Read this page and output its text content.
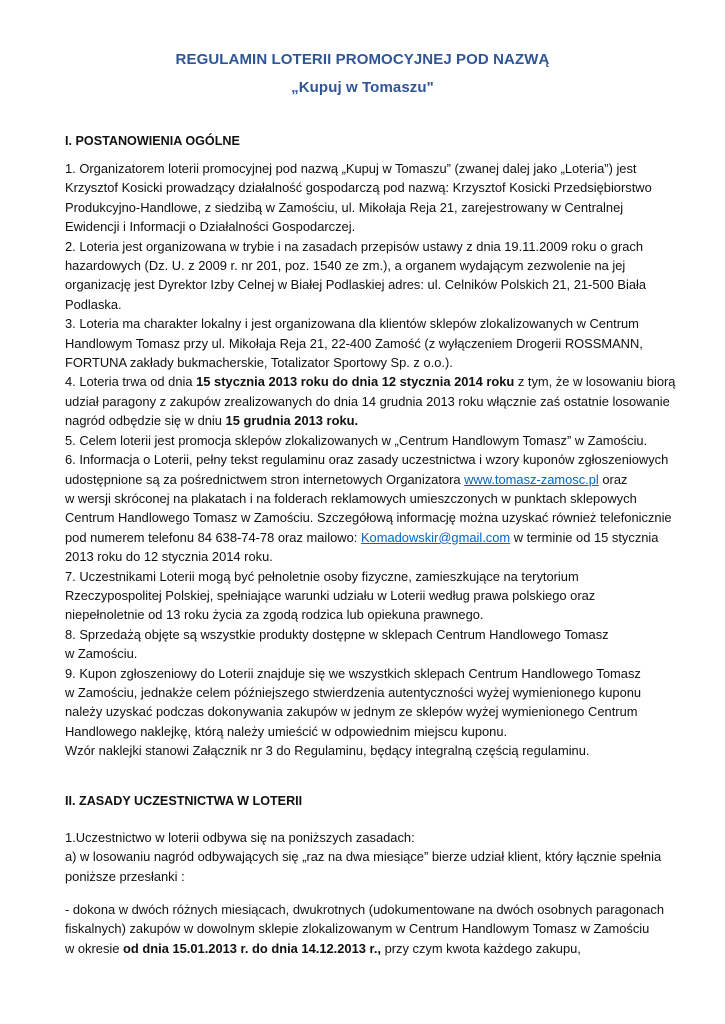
REGULAMIN LOTERII PROMOCYJNEJ POD NAZWĄ
„Kupuj w Tomaszu"
I. POSTANOWIENIA OGÓLNE

1. Organizatorem loterii promocyjnej pod nazwą „Kupuj w Tomaszu” (zwanej dalej jako „Loteria”) jest

Krzysztof Kosicki prowadzący działalność gospodarczą pod nazwą: Krzysztof Kosicki Przedsiębiorstwo

Produkcyjno-Handlowe, z siedzibą w Zamościu, ul. Mikołaja Reja 21, zarejestrowany w Centralnej

Ewidencji i Informacji o Działalności Gospodarczej.

2. Loteria jest organizowana w trybie i na zasadach przepisów ustawy z dnia 19.11.2009 roku o grach

hazardowych (Dz. U. z 2009 r. nr 201, poz. 1540 ze zm.), a organem wydającym zezwolenie na jej

organizację jest Dyrektor Izby Celnej w Białej Podlaskiej adres: ul. Celników Polskich 21, 21-500 Biała

Podlaska.

3. Loteria ma charakter lokalny i jest organizowana dla klientów sklepów zlokalizowanych w Centrum

Handlowym Tomasz przy ul. Mikołaja Reja 21, 22-400 Zamość (z wyłączeniem Drogerii ROSSMANN,

FORTUNA zakłady bukmacherskie, Totalizator Sportowy Sp. z o.o.).

4. Loteria trwa od dnia 15 stycznia 2013 roku do dnia 12 stycznia 2014 roku z tym, że w losowaniu biorą

udział paragony z zakupów zrealizowanych do dnia 14 grudnia 2013 roku włącznie zaś ostatnie losowanie

nagród odbędzie się w dniu 15 grudnia 2013 roku.

5. Celem loterii jest promocja sklepów zlokalizowanych w „Centrum Handlowym Tomasz” w Zamościu.

6. Informacja o Loterii, pełny tekst regulaminu oraz zasady uczestnictwa i wzory kuponów zgłoszeniowych

udostępnione są za pośrednictwem stron internetowych Organizatora www.tomasz-zamosc.pl oraz

w wersji skróconej na plakatach i na folderach reklamowych umieszczonych w punktach sklepowych

Centrum Handlowego Tomasz w Zamościu. Szczegółową informację można uzyskać również telefonicznie

pod numerem telefonu 84 638-74-78 oraz mailowo: Komadowskir@gmail.com w terminie od 15 stycznia

2013 roku do 12 stycznia 2014 roku.

7. Uczestnikami Loterii mogą być pełnoletnie osoby fizyczne, zamieszkujące na terytorium

Rzeczypospolitej Polskiej, spełniające warunki udziału w Loterii według prawa polskiego oraz

niepełnoletnie od 13 roku życia za zgodą rodzica lub opiekuna prawnego.

8. Sprzedażą objęte są wszystkie produkty dostępne w sklepach Centrum Handlowego Tomasz

w Zamościu.

9. Kupon zgłoszeniowy do Loterii znajduje się we wszystkich sklepach Centrum Handlowego Tomasz

w Zamościu, jednakże celem późniejszego stwierdzenia autentyczności wyżej wymienionego kuponu

należy uzyskać podczas dokonywania zakupów w jednym ze sklepów wyżej wymienionego Centrum

Handlowego naklejkę, którą należy umieścić w odpowiednim miejscu kuponu.

Wzór naklejki stanowi Załącznik nr 3 do Regulaminu, będący integralną częścią regulaminu.

II. ZASADY UCZESTNICTWA W LOTERII

1.Uczestnictwo w loterii odbywa się na poniższych zasadach:

a) w losowaniu nagród odbywających się „raz na dwa miesiące” bierze udział klient, który łącznie spełnia

poniższe przesłanki :

- dokona w dwóch różnych miesiącach, dwukrotnych (udokumentowane na dwóch osobnych paragonach

fiskalnych) zakupów w dowolnym sklepie zlokalizowanym w Centrum Handlowym Tomasz w Zamościu

w okresie od dnia 15.01.2013 r. do dnia 14.12.2013 r., przy czym kwota każdego zakupu,
